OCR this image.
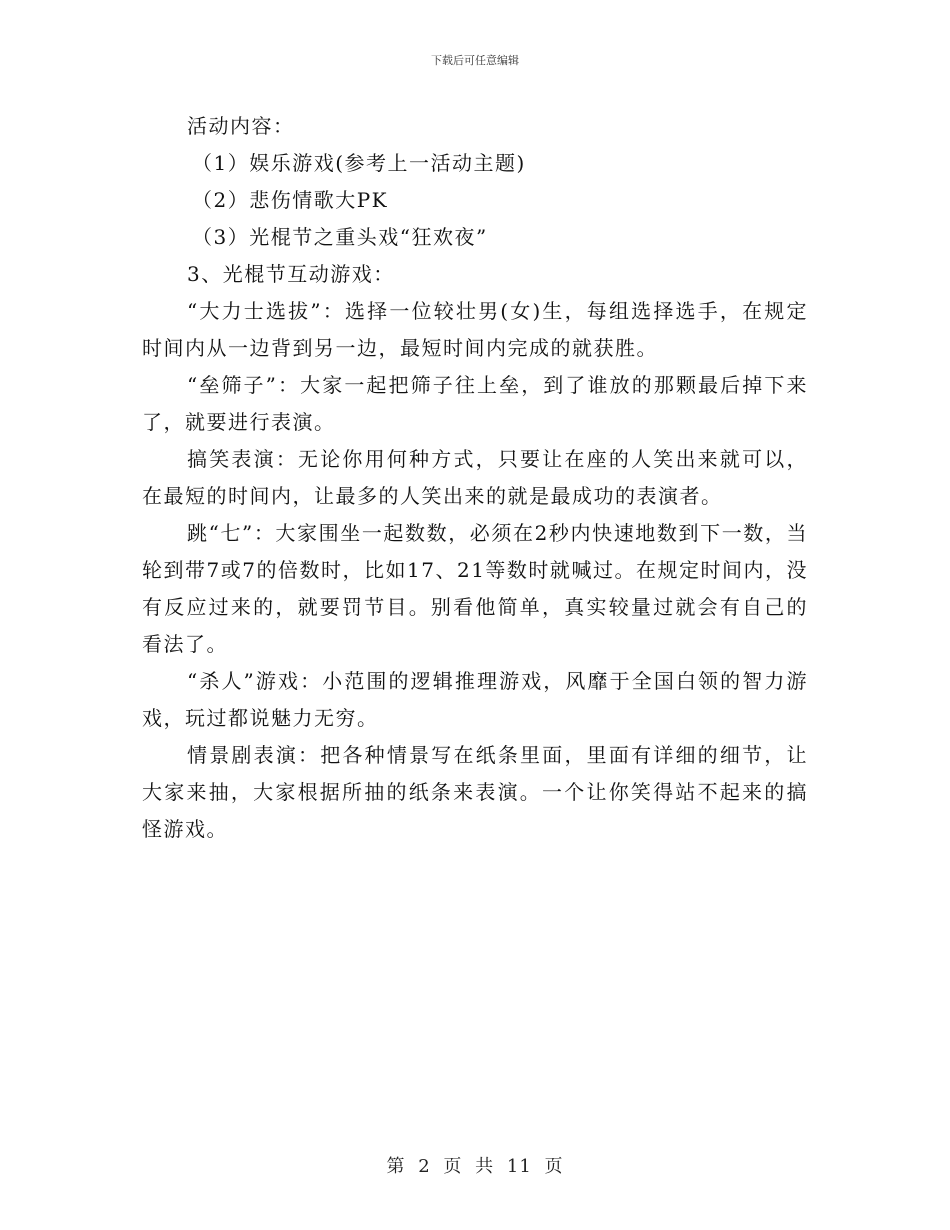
下载后可任意编辑

活动内容：

（1）娱乐游戏(参考上一活动主题)

（2）悲伤情歌大PK

（3）光棍节之重头戏“狂欢夜”

3、光棍节互动游戏：

“大力士选拔”：选择一位较壮男(女)生，每组选择选手，在规定时间内从一边背到另一边，最短时间内完成的就获胜。

“垒筛子”：大家一起把筛子往上垒，到了谁放的那颗最后掉下来了，就要进行表演。

搞笑表演：无论你用何种方式，只要让在座的人笑出来就可以，在最短的时间内，让最多的人笑出来的就是最成功的表演者。

跳“七”：大家围坐一起数数，必须在2秒内快速地数到下一数，当轮到带7或7的倍数时，比如17、21等数时就喊过。在规定时间内，没有反应过来的，就要罚节目。别看他简单，真实较量过就会有自己的看法了。

“杀人”游戏：小范围的逻辑推理游戏，风靡于全国白领的智力游戏，玩过都说魅力无穷。

情景剧表演：把各种情景写在纸条里面，里面有详细的细节，让大家来抽，大家根据所抽的纸条来表演。一个让你笑得站不起来的搞怪游戏。

第 2 页 共 11 页
